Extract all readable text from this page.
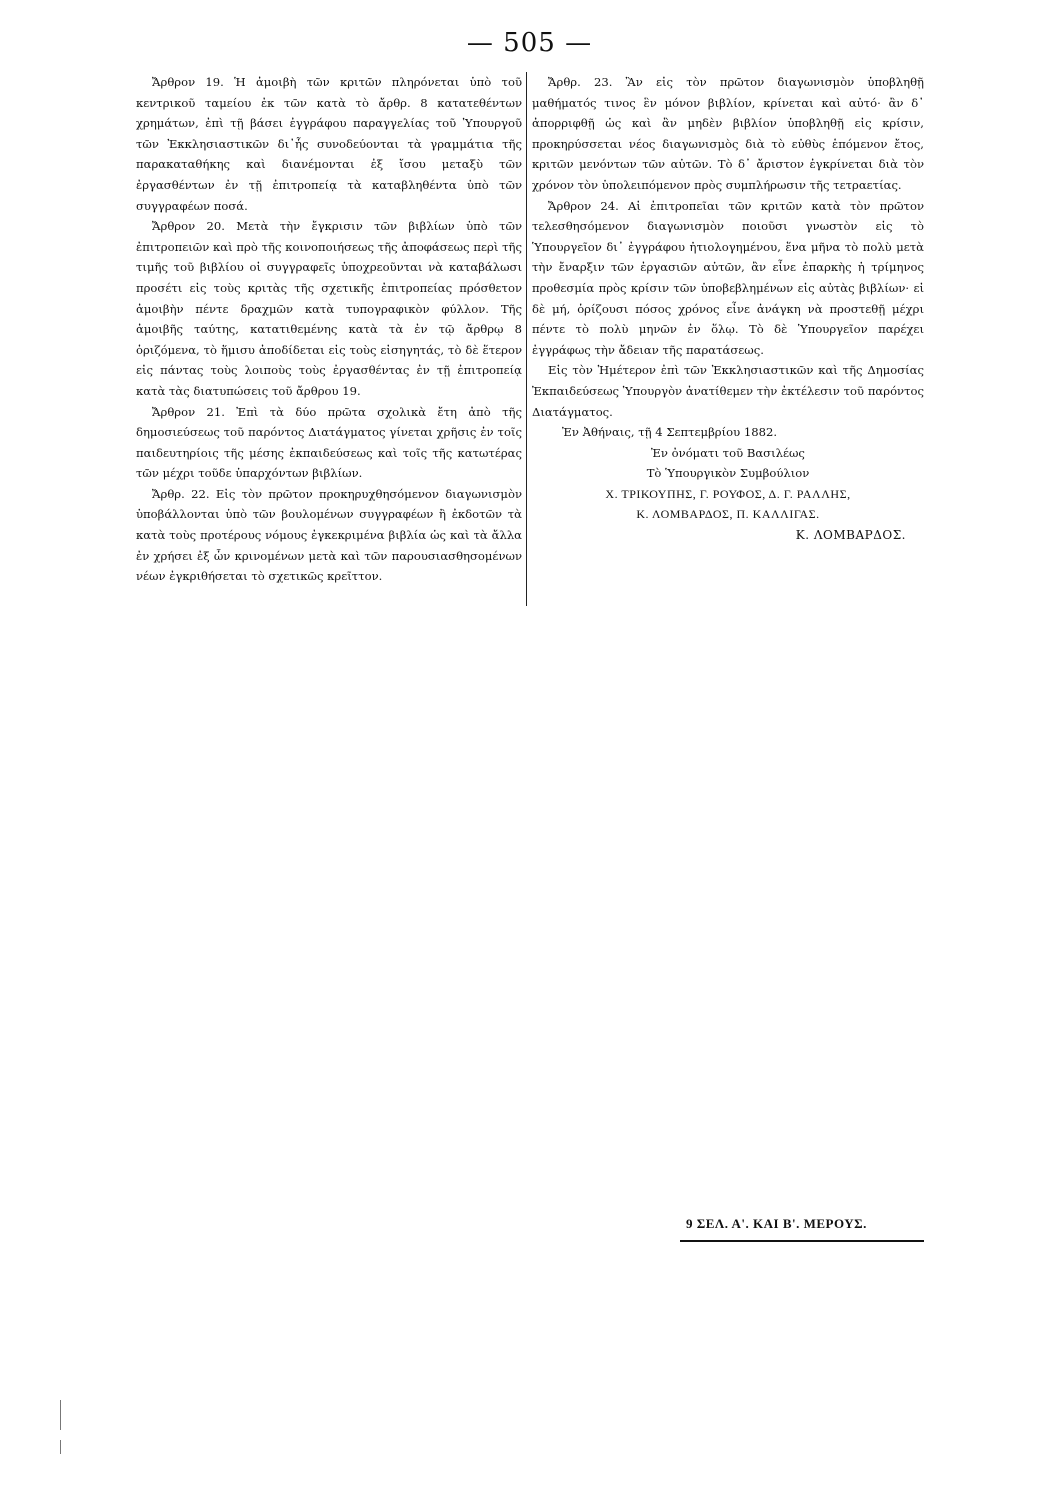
— 505 —

Ἄρθρον 19. Ἡ ἀμοιβὴ τῶν κριτῶν πληρόνεται ὑπὸ τοῦ κεντρικοῦ ταμείου ἐκ τῶν κατὰ τὸ ἄρθρ. 8 κατατεθέντων χρημάτων, ἐπὶ τῇ βάσει ἐγγράφου παραγγελίας τοῦ Ὑπουργοῦ τῶν Ἐκκλησιαστικῶν δι᾽ἧς συνοδεύονται τὰ γραμμάτια τῆς παρακαταθήκης καὶ διανέμονται ἐξ ἴσου μεταξὺ τῶν ἐργασθέντων ἐν τῇ ἐπιτροπείᾳ τὰ καταβληθέντα ὑπὸ τῶν συγγραφέων ποσά.

Ἄρθρον 20. Μετὰ τὴν ἔγκρισιν τῶν βιβλίων ὑπὸ τῶν ἐπιτροπειῶν καὶ πρὸ τῆς κοινοποιήσεως τῆς ἀποφάσεως περὶ τῆς τιμῆς τοῦ βιβλίου οἱ συγγραφεῖς ὑποχρεοῦνται νὰ καταβάλωσι προσέτι εἰς τοὺς κριτὰς τῆς σχετικῆς ἐπιτροπείας πρόσθετον ἀμοιβὴν πέντε δραχμῶν κατὰ τυπογραφικὸν φύλλον. Τῆς ἀμοιβῆς ταύτης, κατατιθεμένης κατὰ τὰ ἐν τῷ ἄρθρῳ 8 ὁριζόμενα, τὸ ἥμισυ ἀποδίδεται εἰς τοὺς εἰσηγητάς, τὸ δὲ ἕτερον εἰς πάντας τοὺς λοιποὺς τοὺς ἐργασθέντας ἐν τῇ ἐπιτροπείᾳ κατὰ τὰς διατυπώσεις τοῦ ἄρθρου 19.

Ἄρθρον 21. Ἐπὶ τὰ δύο πρῶτα σχολικὰ ἔτη ἀπὸ τῆς δημοσιεύσεως τοῦ παρόντος Διατάγματος γίνεται χρῆσις ἐν τοῖς παιδευτηρίοις τῆς μέσης ἐκπαιδεύσεως καὶ τοῖς τῆς κατωτέρας τῶν μέχρι τοῦδε ὑπαρχόντων βιβλίων.

Ἄρθρ. 22. Εἰς τὸν πρῶτον προκηρυχθησόμενον διαγωνισμὸν ὑποβάλλονται ὑπὸ τῶν βουλομένων συγγραφέων ἢ ἐκδοτῶν τὰ κατὰ τοὺς προτέρους νόμους ἐγκεκριμένα βιβλία ὡς καὶ τὰ ἄλλα ἐν χρήσει ἐξ ὧν κρινομένων μετὰ καὶ τῶν παρουσιασθησομένων νέων ἐγκριθήσεται τὸ σχετικῶς κρεῖττον.

Ἄρθρ. 23. Ἂν εἰς τὸν πρῶτον διαγωνισμὸν ὑποβληθῇ μαθήματός τινος ἓν μόνον βιβλίον, κρίνεται καὶ αὐτό· ἂν δ᾽ ἀπορριφθῇ ὡς καὶ ἂν μηδὲν βιβλίον ὑποβληθῇ εἰς κρίσιν, προκηρύσσεται νέος διαγωνισμὸς διὰ τὸ εὐθὺς ἑπόμενον ἔτος, κριτῶν μενόντων τῶν αὐτῶν. Τὸ δ᾽ ἄριστον ἐγκρίνεται διὰ τὸν χρόνον τὸν ὑπολειπόμενον πρὸς συμπλήρωσιν τῆς τετραετίας.

Ἄρθρον 24. Αἱ ἐπιτροπεῖαι τῶν κριτῶν κατὰ τὸν πρῶτον τελεσθησόμενον διαγωνισμὸν ποιοῦσι γνωστὸν εἰς τὸ Ὑπουργεῖον δι᾽ ἐγγράφου ἠτιολογημένου, ἕνα μῆνα τὸ πολὺ μετὰ τὴν ἔναρξιν τῶν ἐργασιῶν αὐτῶν, ἂν εἶνε ἐπαρκὴς ἡ τρίμηνος προθεσμία πρὸς κρίσιν τῶν ὑποβεβλημένων εἰς αὐτὰς βιβλίων· εἰ δὲ μή, ὁρίζουσι πόσος χρόνος εἶνε ἀνάγκη νὰ προστεθῇ μέχρι πέντε τὸ πολὺ μηνῶν ἐν ὅλῳ. Τὸ δὲ Ὑπουργεῖον παρέχει ἐγγράφως τὴν ἄδειαν τῆς παρατάσεως.

Εἰς τὸν Ἡμέτερον ἐπὶ τῶν Ἐκκλησιαστικῶν καὶ τῆς Δημοσίας Ἐκπαιδεύσεως Ὑπουργὸν ἀνατίθεμεν τὴν ἐκτέλεσιν τοῦ παρόντος Διατάγματος.

Ἐν Ἀθήναις, τῇ 4 Σεπτεμβρίου 1882.

Ἐν ὀνόματι τοῦ Βασιλέως

Τὸ Ὑπουργικὸν Συμβούλιον

Χ. ΤΡΙΚΟΥΠΗΣ, Γ. ΡΟΥΦΟΣ, Δ. Γ. ΡΑΛΛΗΣ,

Κ. ΛΟΜΒΑΡΔΟΣ, Π. ΚΑΛΛΙΓΑΣ.

Κ. ΛΟΜΒΑΡΔΟΣ.

9 ΣΕΛ. Α'. ΚΑΙ Β'. ΜΕΡΟΥΣ.
